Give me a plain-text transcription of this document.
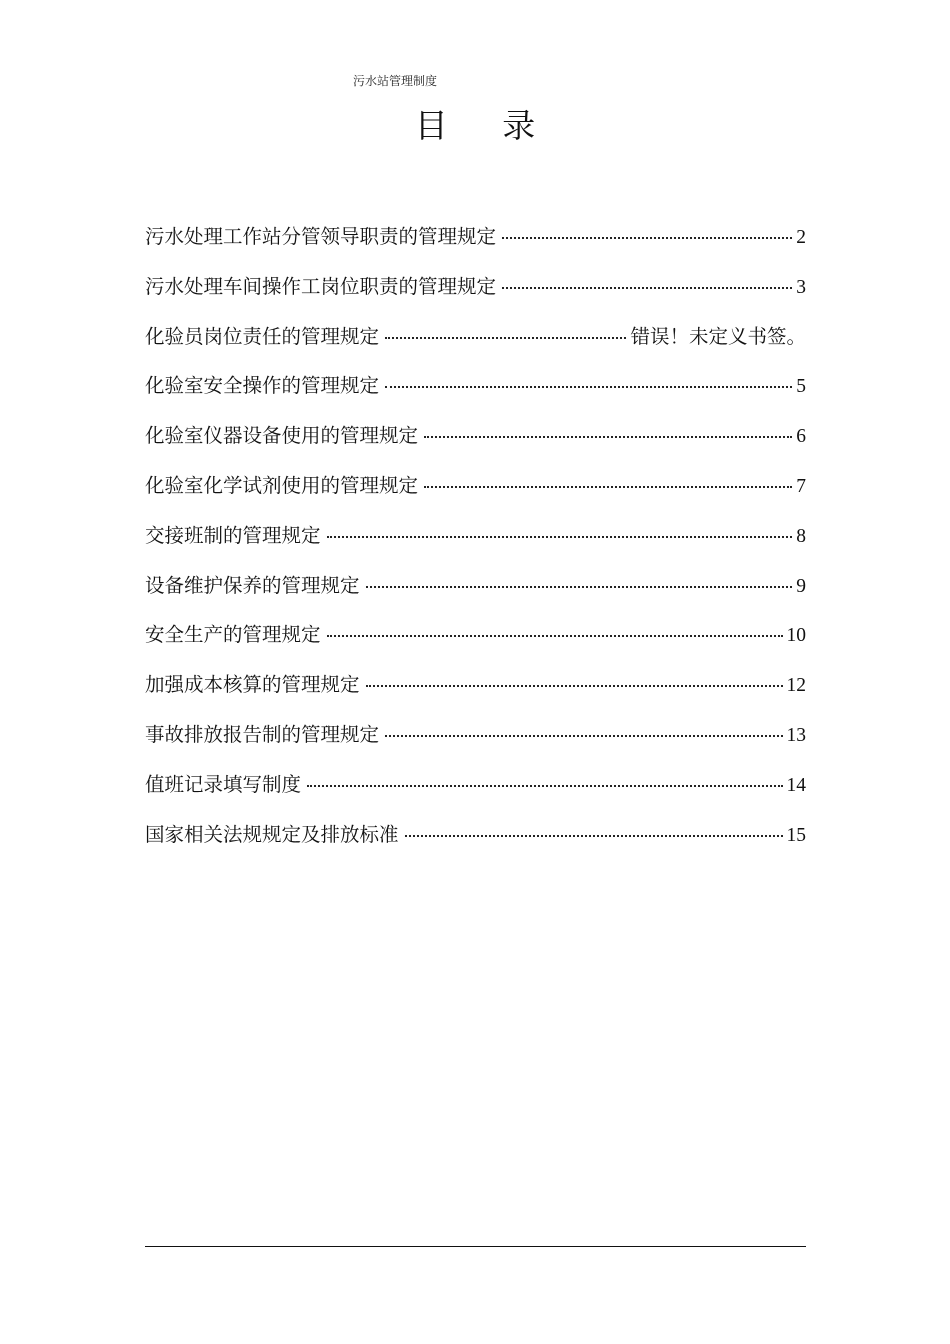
污水站管理制度
目 录
污水处理工作站分管领导职责的管理规定	2
污水处理车间操作工岗位职责的管理规定	3
化验员岗位责任的管理规定	错误！未定义书签。
化验室安全操作的管理规定	5
化验室仪器设备使用的管理规定	6
化验室化学试剂使用的管理规定	7
交接班制的管理规定	8
设备维护保养的管理规定	9
安全生产的管理规定	10
加强成本核算的管理规定	12
事故排放报告制的管理规定	13
值班记录填写制度	14
国家相关法规规定及排放标准	15
